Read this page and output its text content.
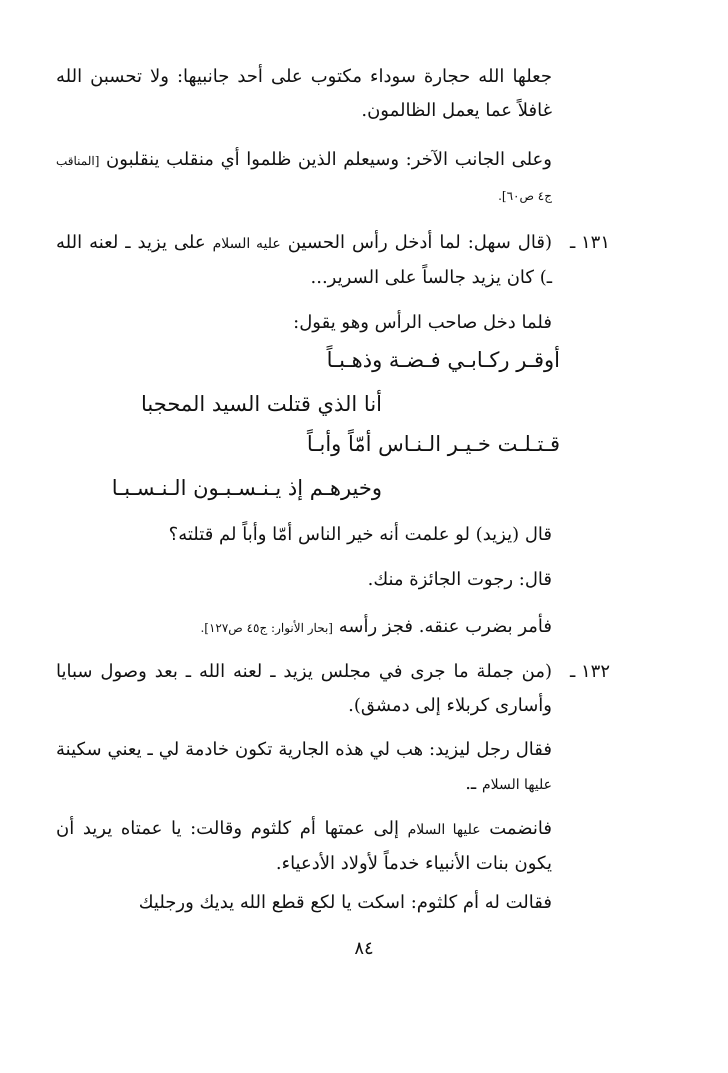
جعلها الله حجارة سوداء مكتوب على أحد جانبيها: ولا تحسبن الله غافلاً عما يعمل الظالمون.
وعلى الجانب الآخر: وسيعلم الذين ظلموا أي منقلب ينقلبون [المناقب ج٤ ص٦٠].
١٣١ ـ
(قال سهل: لما أدخل رأس الحسين عليه السلام على يزيد ـ لعنه الله ـ) كان يزيد جالساً على السرير...
فلما دخل صاحب الرأس وهو يقول:
أوقـر ركـابـي فـضـة وذهـبـاً
أنا الذي قتلت السيد المحجبا
قـتـلـت خـيـر الـنـاس أمّاً وأبـاً
وخيرهـم إذ يـنـسـبـون الـنـسـبـا
قال (يزيد) لو علمت أنه خير الناس أمّا وأباً لم قتلته؟
قال: رجوت الجائزة منك.
فأمر بضرب عنقه. فجز رأسه [بحار الأنوار: ج٤٥ ص١٢٧].
١٣٢ ـ
(من جملة ما جرى في مجلس يزيد ـ لعنه الله ـ بعد وصول سبايا وأسارى كربلاء إلى دمشق).
فقال رجل ليزيد: هب لي هذه الجارية تكون خادمة لي ـ يعني سكينة عليها السلام ـ.
فانضمت عليها السلام إلى عمتها أم كلثوم وقالت: يا عمتاه يريد أن يكون بنات الأنبياء خدماً لأولاد الأدعياء.
فقالت له أم كلثوم: اسكت يا لكع قطع الله يديك ورجليك
٨٤
